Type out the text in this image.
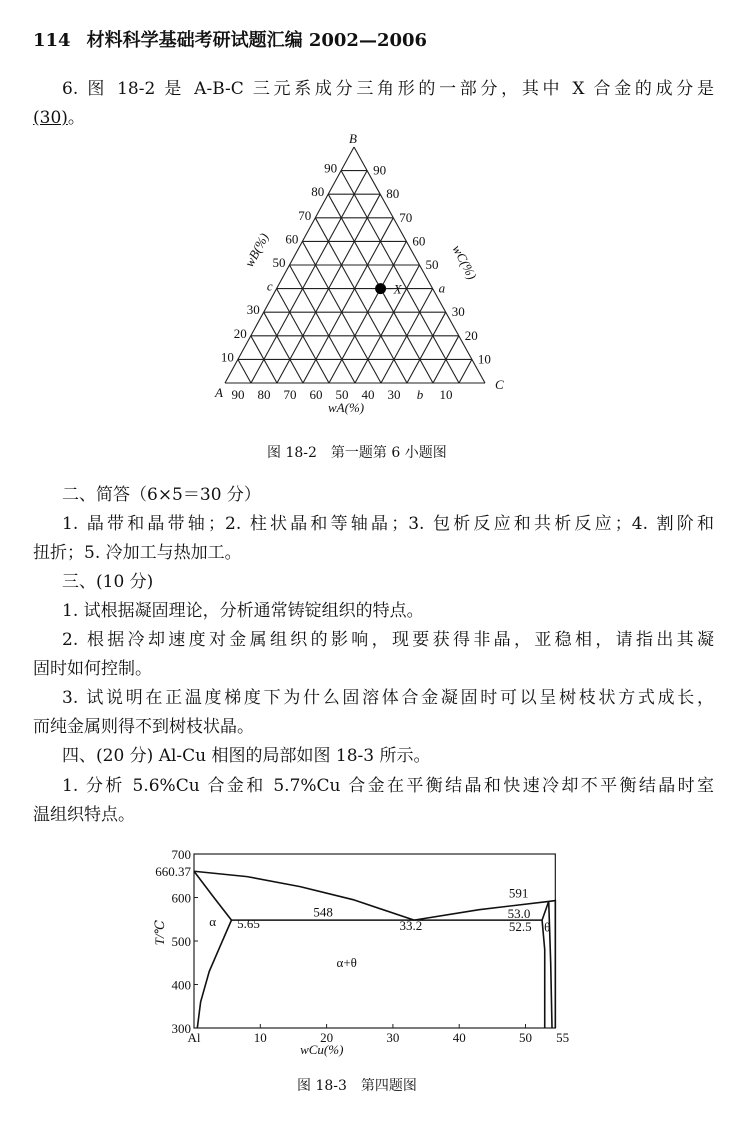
114 材料科学基础考研试题汇编 2002—2006
6. 图 18-2 是 A-B-C 三元系成分三角形的一部分，其中 X 合金的成分是
(30)。
10
20
30
c
50
60
70
80
90	90
80
70
60
50
a
30
20
10
90 80 70 60 50 40 30 b 10
A
C
B
wA(%)
wB(%)	wC(%)
X
图 18-2　第一题第 6 小题图
二、简答（6×5＝30 分）
1. 晶带和晶带轴；2. 柱状晶和等轴晶；3. 包析反应和共析反应；4. 割阶和
扭折；5. 冷加工与热加工。
三、(10 分)
1. 试根据凝固理论，分析通常铸锭组织的特点。
2. 根据冷却速度对金属组织的影响，现要获得非晶，亚稳相，请指出其凝
固时如何控制。
3. 试说明在正温度梯度下为什么固溶体合金凝固时可以呈树枝状方式成长，
而纯金属则得不到树枝状晶。
四、(20 分) Al-Cu 相图的局部如图 18-3 所示。
1. 分析 5.6%Cu 合金和 5.7%Cu 合金在平衡结晶和快速冷却不平衡结晶时室
温组织特点。
300
400
500
600
700
660.37
Al	10	20	30	40	50 55
wCu(%)
T/℃
548
5.65	33.2
591
53.0
52.5
α	θ
α+θ
图 18-3　第四题图
